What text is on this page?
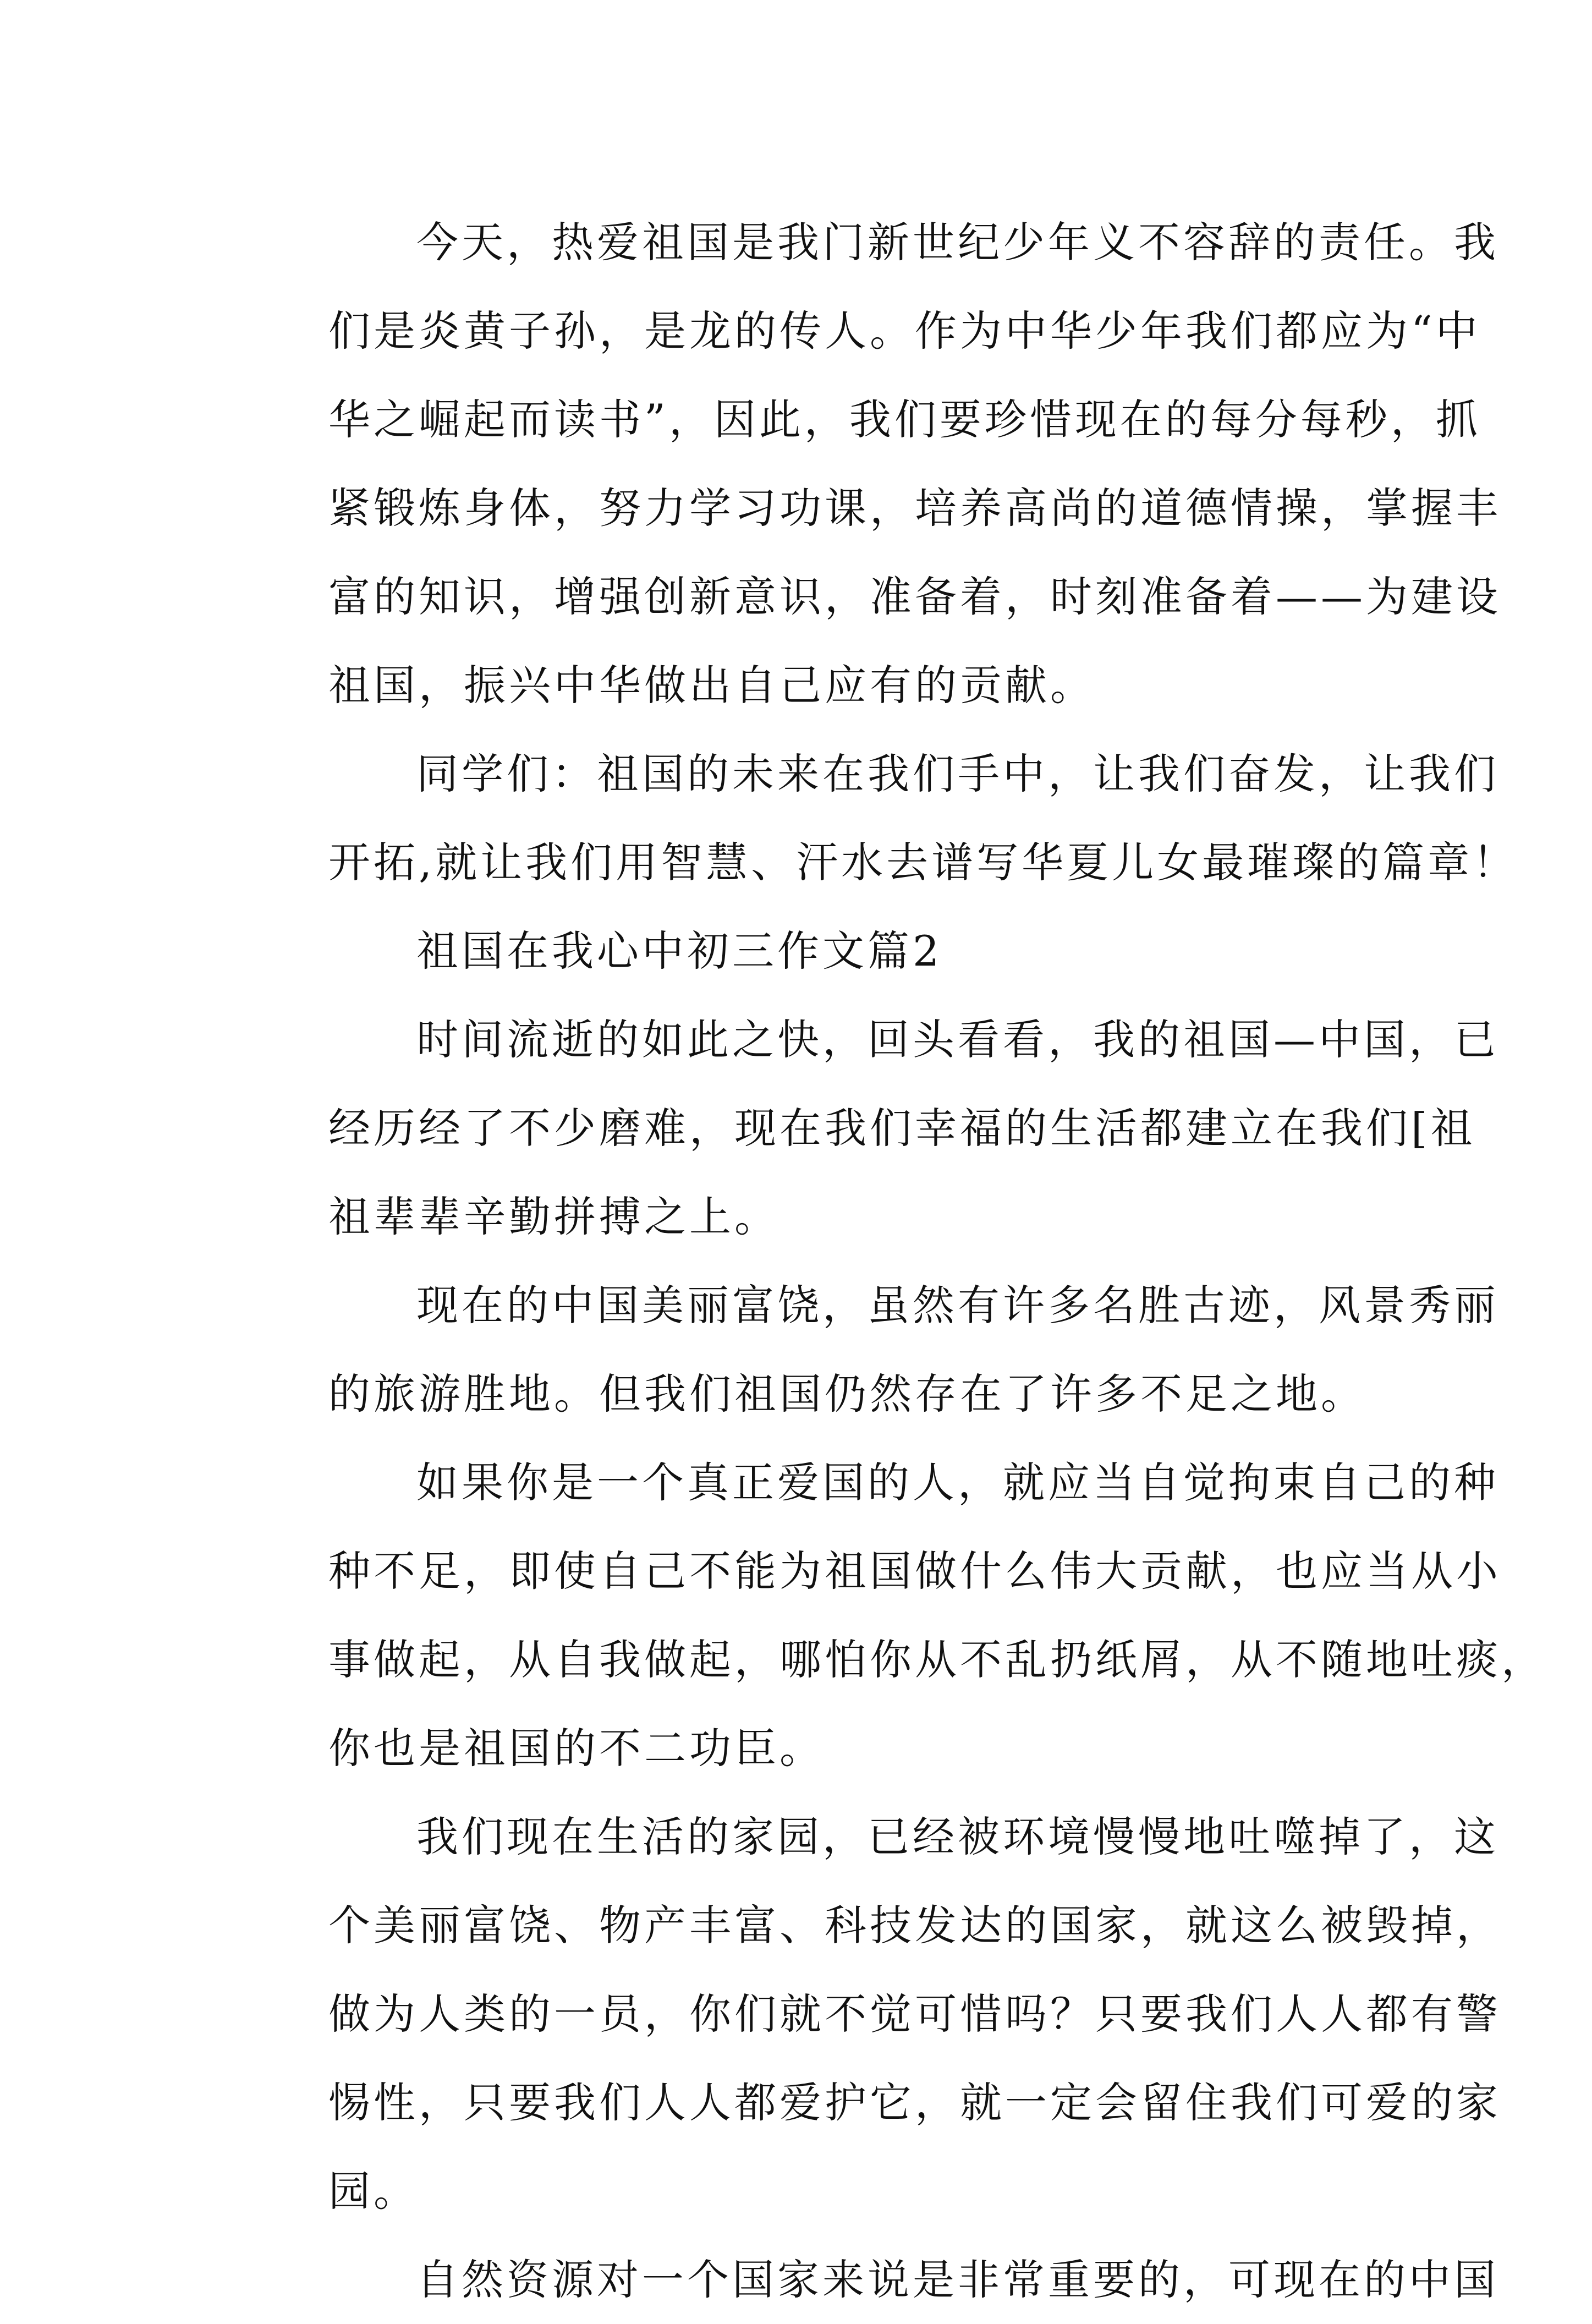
今天，热爱祖国是我门新世纪少年义不容辞的责任。我
们是炎黄子孙，是龙的传人。作为中华少年我们都应为“中
华之崛起而读书”，因此，我们要珍惜现在的每分每秒，抓
紧锻炼身体，努力学习功课，培养高尚的道德情操，掌握丰
富的知识，增强创新意识，准备着，时刻准备着——为建设
祖国，振兴中华做出自己应有的贡献。
同学们：祖国的未来在我们手中，让我们奋发，让我们
开拓,就让我们用智慧、汗水去谱写华夏儿女最璀璨的篇章！
祖国在我心中初三作文篇2
时间流逝的如此之快，回头看看，我的祖国—中国，已
经历经了不少磨难，现在我们幸福的生活都建立在我们[祖
祖辈辈辛勤拼搏之上。
现在的中国美丽富饶，虽然有许多名胜古迹，风景秀丽
的旅游胜地。但我们祖国仍然存在了许多不足之地。
如果你是一个真正爱国的人，就应当自觉拘束自己的种
种不足，即使自己不能为祖国做什么伟大贡献，也应当从小
事做起，从自我做起，哪怕你从不乱扔纸屑，从不随地吐痰，
你也是祖国的不二功臣。
我们现在生活的家园，已经被环境慢慢地吐噬掉了，这
个美丽富饶、物产丰富、科技发达的国家，就这么被毁掉，
做为人类的一员，你们就不觉可惜吗？只要我们人人都有警
惕性，只要我们人人都爱护它，就一定会留住我们可爱的家
园。
自然资源对一个国家来说是非常重要的，可现在的中国
